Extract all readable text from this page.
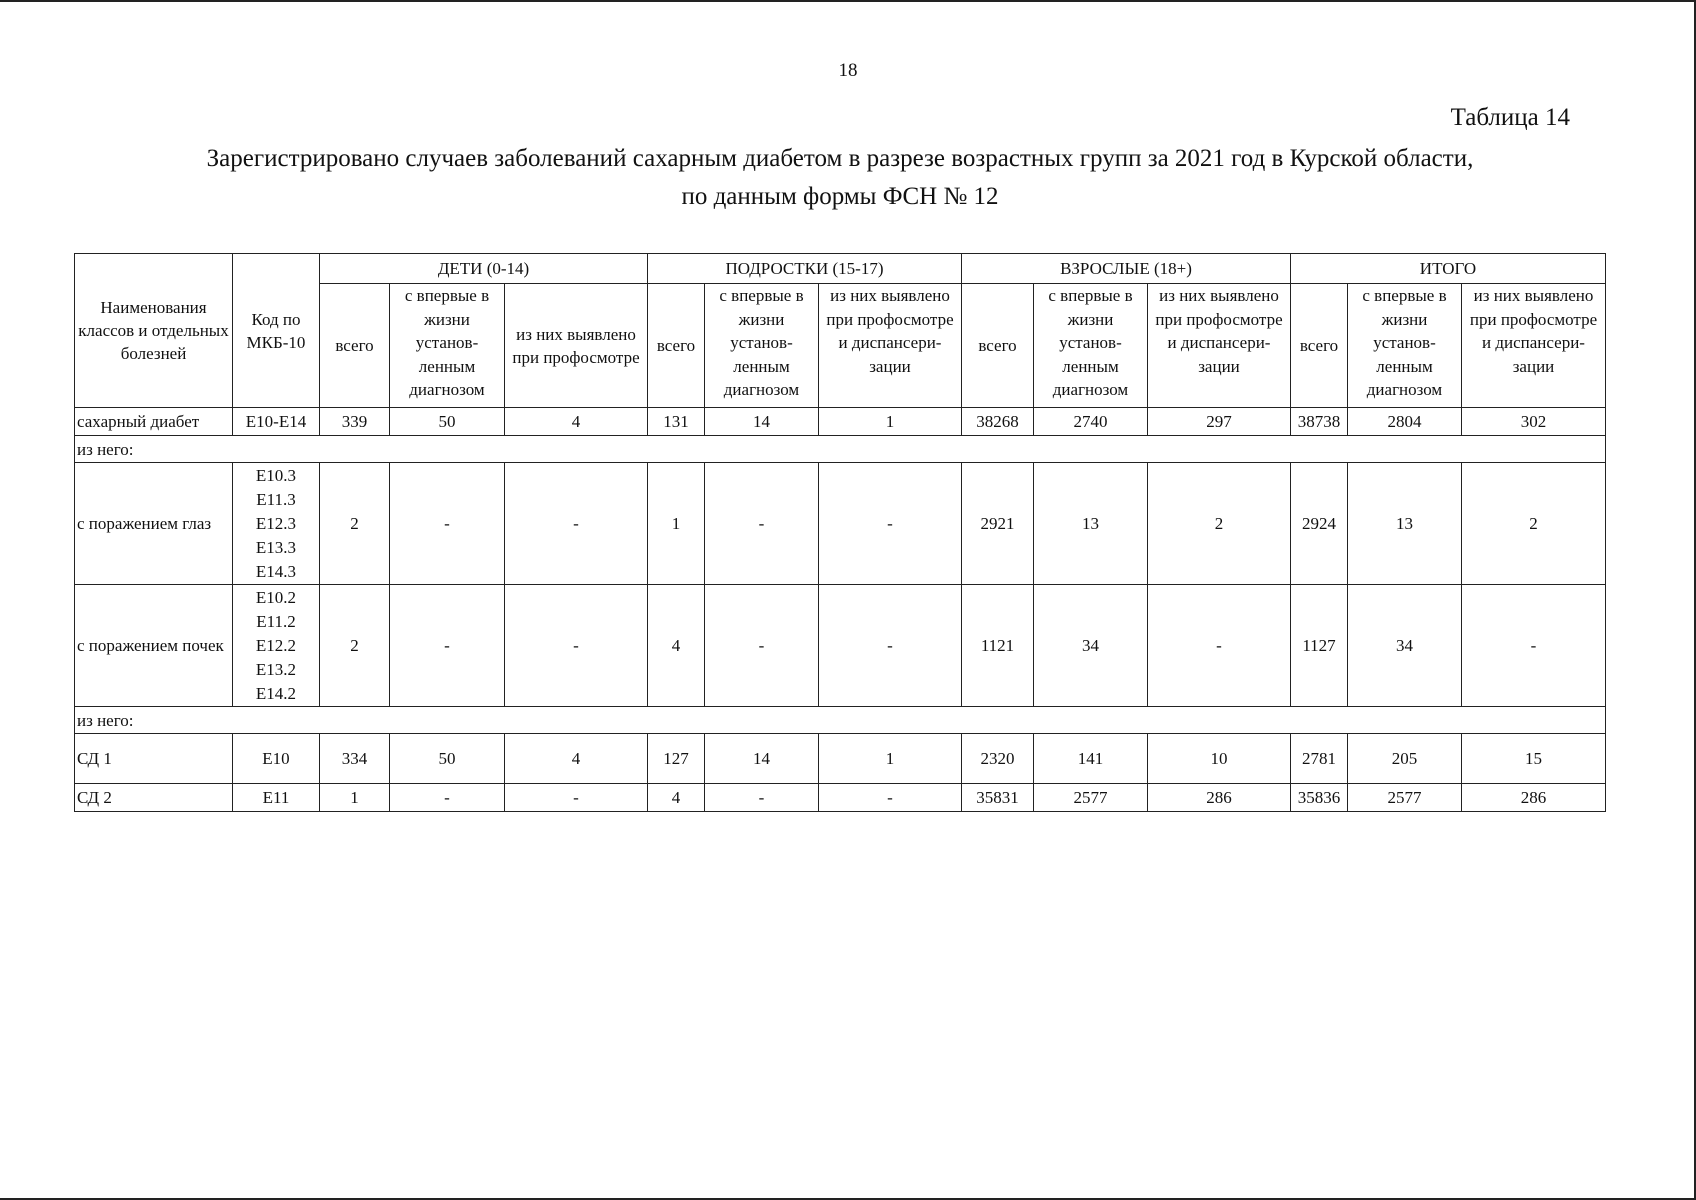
18
Таблица 14
Зарегистрировано случаев заболеваний сахарным диабетом в разрезе возрастных групп за 2021 год в Курской области,
по данным формы ФСН № 12
Наименования классов и отдельных болезней	Код по МКБ-10	ДЕТИ (0-14)			ПОДРОСТКИ (15-17)			ВЗРОСЛЫЕ (18+)			ИТОГО		
		всего	с впервые в жизни установ-ленным диагнозом	из них выявлено при профосмотре	всего	с впервые в жизни установ-ленным диагнозом	из них выявлено при профосмотре и диспансери-зации	всего	с впервые в жизни установ-ленным диагнозом	из них выявлено при профосмотре и диспансери-зации	всего	с впервые в жизни установ-ленным диагнозом	из них выявлено при профосмотре и диспансери-зации
сахарный диабет	E10-E14	339	50	4	131	14	1	38268	2740	297	38738	2804	302
из него:													
с поражением глаз	E10.3
E11.3
E12.3
E13.3
E14.3	2	-	-	1	-	-	2921	13	2	2924	13	2
с поражением почек	E10.2
E11.2
E12.2
E13.2
E14.2	2	-	-	4	-	-	1121	34	-	1127	34	-
из него:													
СД 1	E10	334	50	4	127	14	1	2320	141	10	2781	205	15
СД 2	E11	1	-	-	4	-	-	35831	2577	286	35836	2577	286
